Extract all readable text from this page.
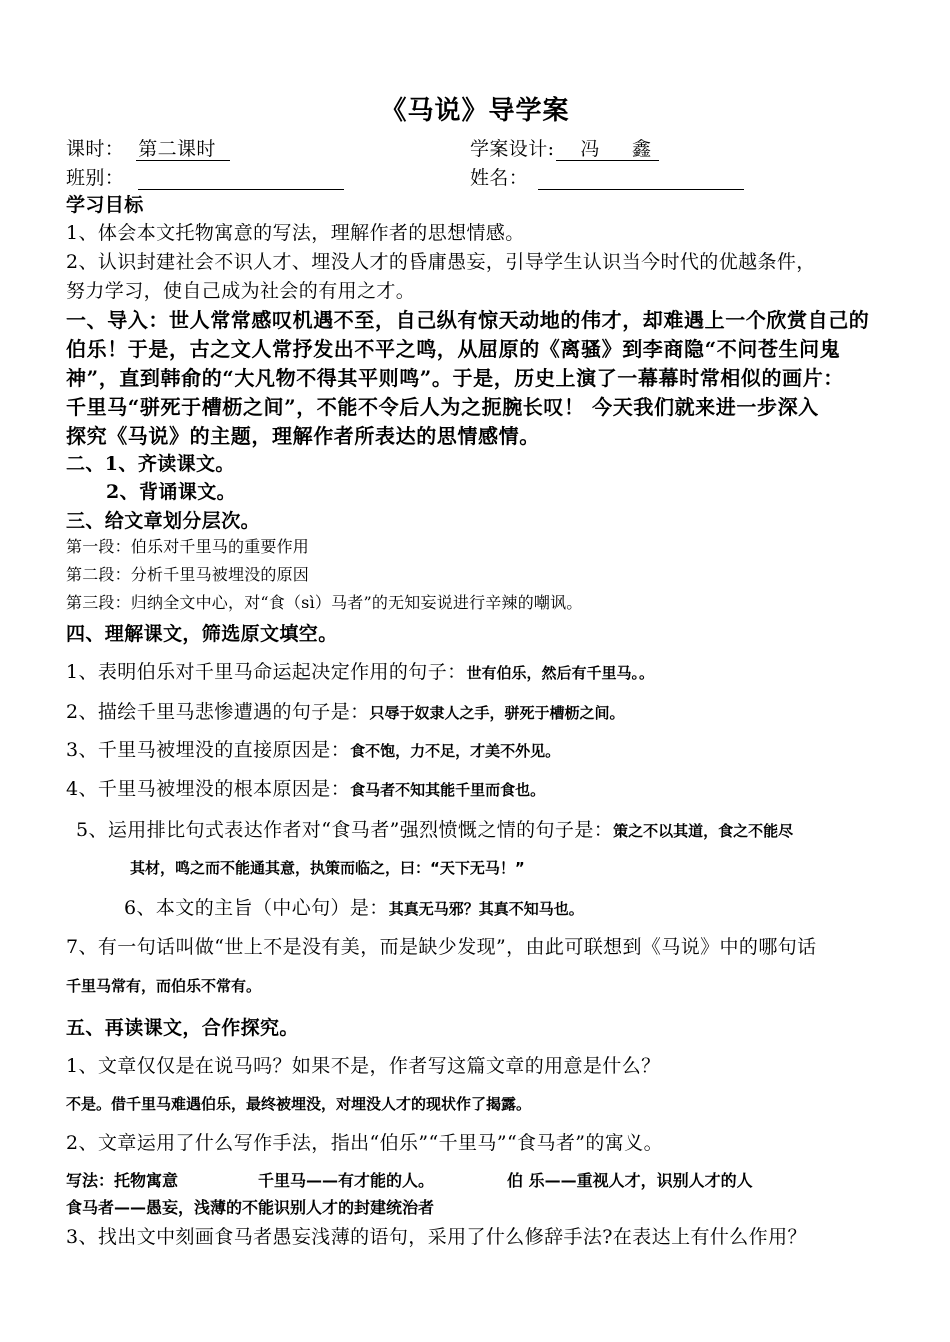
《马说》导学案
课时： 第二课时	学案设计: 冯     鑫
班别：	姓名：
学习目标
1、体会本文托物寓意的写法，理解作者的思想情感。
2、认识封建社会不识人才、埋没人才的昏庸愚妄，引导学生认识当今时代的优越条件，
努力学习，使自己成为社会的有用之才。
一、导入：世人常常感叹机遇不至，自己纵有惊天动地的伟才，却难遇上一个欣赏自己的
伯乐！于是，古之文人常抒发出不平之鸣，从屈原的《离骚》到李商隐“不问苍生问鬼
神”，直到韩俞的“大凡物不得其平则鸣”。于是，历史上演了一幕幕时常相似的画片：
千里马“骈死于槽枥之间”，不能不令后人为之扼腕长叹！ 今天我们就来进一步深入
探究《马说》的主题，理解作者所表达的思情感情。
二、1、齐读课文。
2、背诵课文。
三、给文章划分层次。
第一段：伯乐对千里马的重要作用
第二段：分析千里马被埋没的原因
第三段：归纳全文中心，对“食（sì）马者”的无知妄说进行辛辣的嘲讽。
四、理解课文，筛选原文填空。
1、表明伯乐对千里马命运起决定作用的句子：世有伯乐，然后有千里马。。
2、描绘千里马悲惨遭遇的句子是：只辱于奴隶人之手，骈死于槽枥之间。
3、千里马被埋没的直接原因是：食不饱，力不足，才美不外见。
4、千里马被埋没的根本原因是：食马者不知其能千里而食也。
5、运用排比句式表达作者对“食马者”强烈愤慨之情的句子是：策之不以其道，食之不能尽
其材，鸣之而不能通其意，执策而临之，曰：“天下无马！”
6、本文的主旨（中心句）是：其真无马邪？其真不知马也。
7、有一句话叫做“世上不是没有美，而是缺少发现”，由此可联想到《马说》中的哪句话
千里马常有，而伯乐不常有。
五、再读课文，合作探究。
1、文章仅仅是在说马吗？如果不是，作者写这篇文章的用意是什么？
不是。借千里马难遇伯乐，最终被埋没，对埋没人才的现状作了揭露。
2、文章运用了什么写作手法，指出“伯乐”“千里马”“食马者”的寓义。
写法：托物寓意	千里马——有才能的人。	伯 乐——重视人才，识别人才的人
食马者——愚妄，浅薄的不能识别人才的封建统治者
3、找出文中刻画食马者愚妄浅薄的语句，采用了什么修辞手法?在表达上有什么作用？
